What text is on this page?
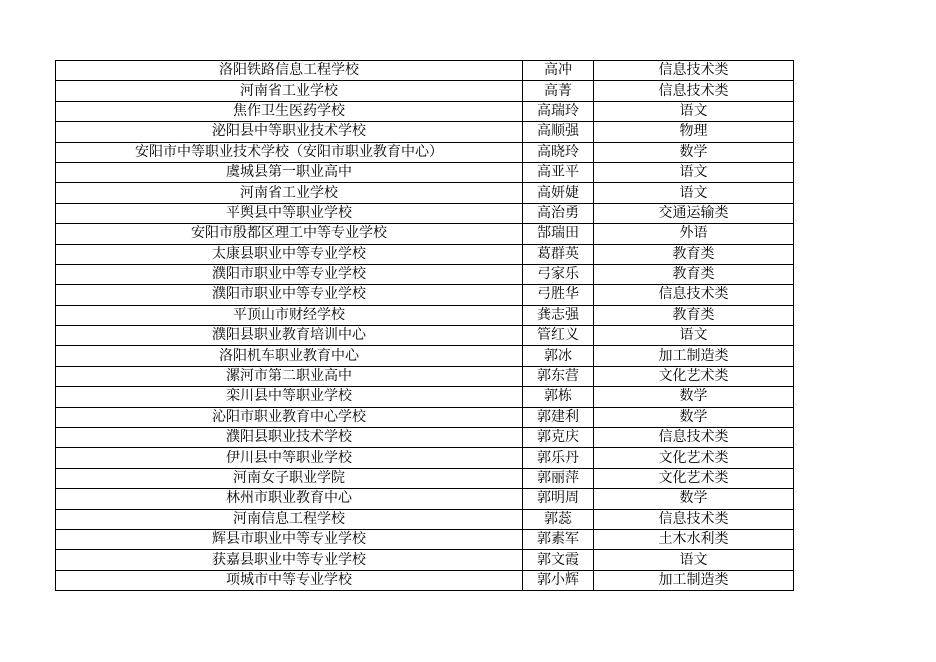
洛阳铁路信息工程学校	高冲	信息技术类
河南省工业学校	高菁	信息技术类
焦作卫生医药学校	高瑞玲	语文
泌阳县中等职业技术学校	高顺强	物理
安阳市中等职业技术学校（安阳市职业教育中心）	高晓玲	数学
虞城县第一职业高中	高亚平	语文
河南省工业学校	高妍婕	语文
平舆县中等职业学校	高治勇	交通运输类
安阳市殷都区理工中等专业学校	郜瑞田	外语
太康县职业中等专业学校	葛群英	教育类
濮阳市职业中等专业学校	弓家乐	教育类
濮阳市职业中等专业学校	弓胜华	信息技术类
平顶山市财经学校	龚志强	教育类
濮阳县职业教育培训中心	管红义	语文
洛阳机车职业教育中心	郭冰	加工制造类
漯河市第二职业高中	郭东营	文化艺术类
栾川县中等职业学校	郭栋	数学
沁阳市职业教育中心学校	郭建利	数学
濮阳县职业技术学校	郭克庆	信息技术类
伊川县中等职业学校	郭乐丹	文化艺术类
河南女子职业学院	郭丽萍	文化艺术类
林州市职业教育中心	郭明周	数学
河南信息工程学校	郭蕊	信息技术类
辉县市职业中等专业学校	郭素军	土木水利类
获嘉县职业中等专业学校	郭文霞	语文
项城市中等专业学校	郭小辉	加工制造类
